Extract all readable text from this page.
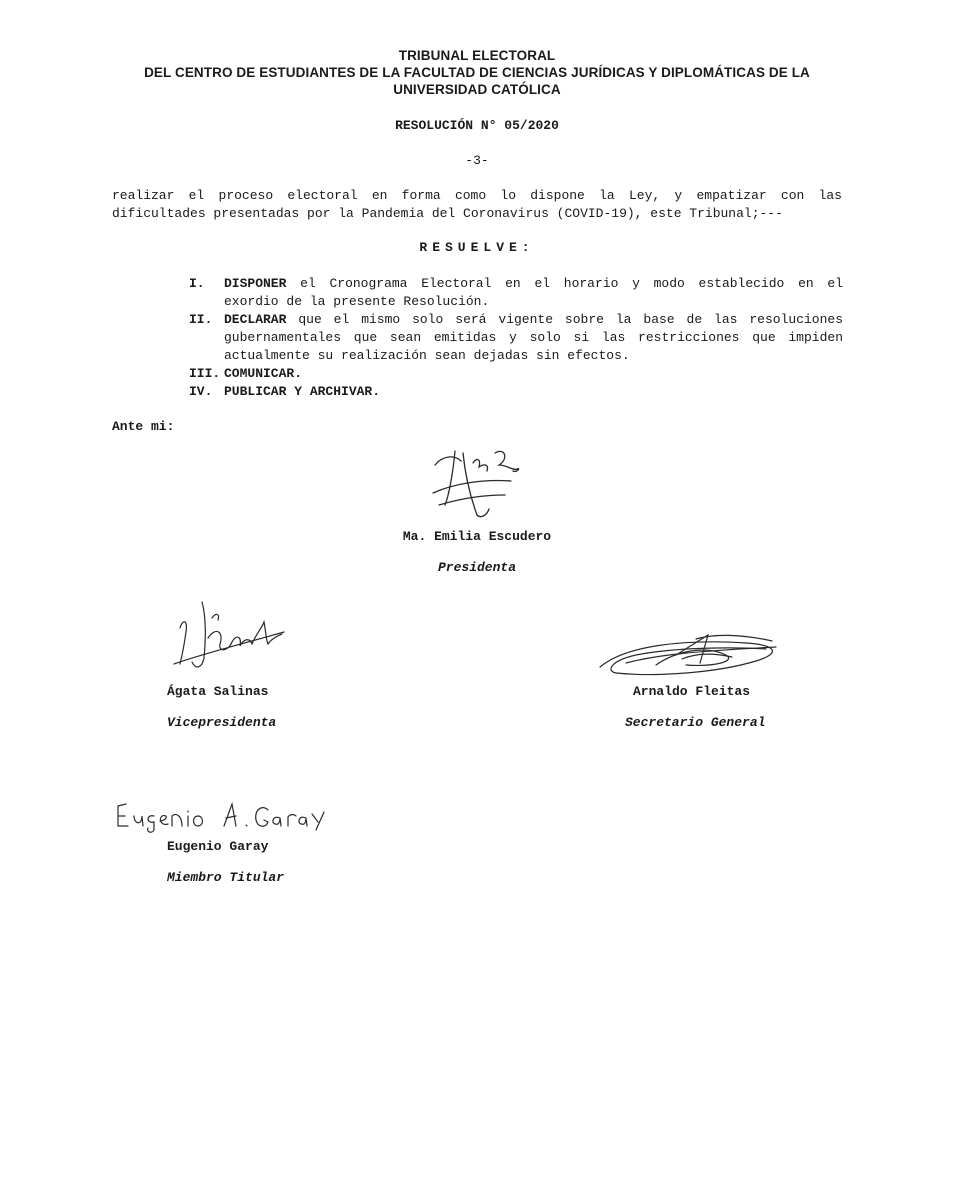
TRIBUNAL ELECTORAL
DEL CENTRO DE ESTUDIANTES DE LA FACULTAD DE CIENCIAS JURÍDICAS Y DIPLOMÁTICAS DE LA
UNIVERSIDAD CATÓLICA
RESOLUCIÓN N° 05/2020
-3-
realizar el proceso electoral en forma como lo dispone la Ley, y empatizar con las
dificultades presentadas por la Pandemia del Coronavirus (COVID-19), este Tribunal;---
RESUELVE:
I. DISPONER el Cronograma Electoral en el horario y modo establecido en el
exordio de la presente Resolución.
II. DECLARAR que el mismo solo será vigente sobre la base de las resoluciones
gubernamentales que sean emitidas y solo si las restricciones que impiden
actualmente su realización sean dejadas sin efectos.
III. COMUNICAR.
IV. PUBLICAR Y ARCHIVAR.
Ante mi:
Ma. Emilia Escudero
Presidenta
Ágata Salinas
Vicepresidenta
Arnaldo Fleitas
Secretario General
Eugenio Garay
Miembro Titular
